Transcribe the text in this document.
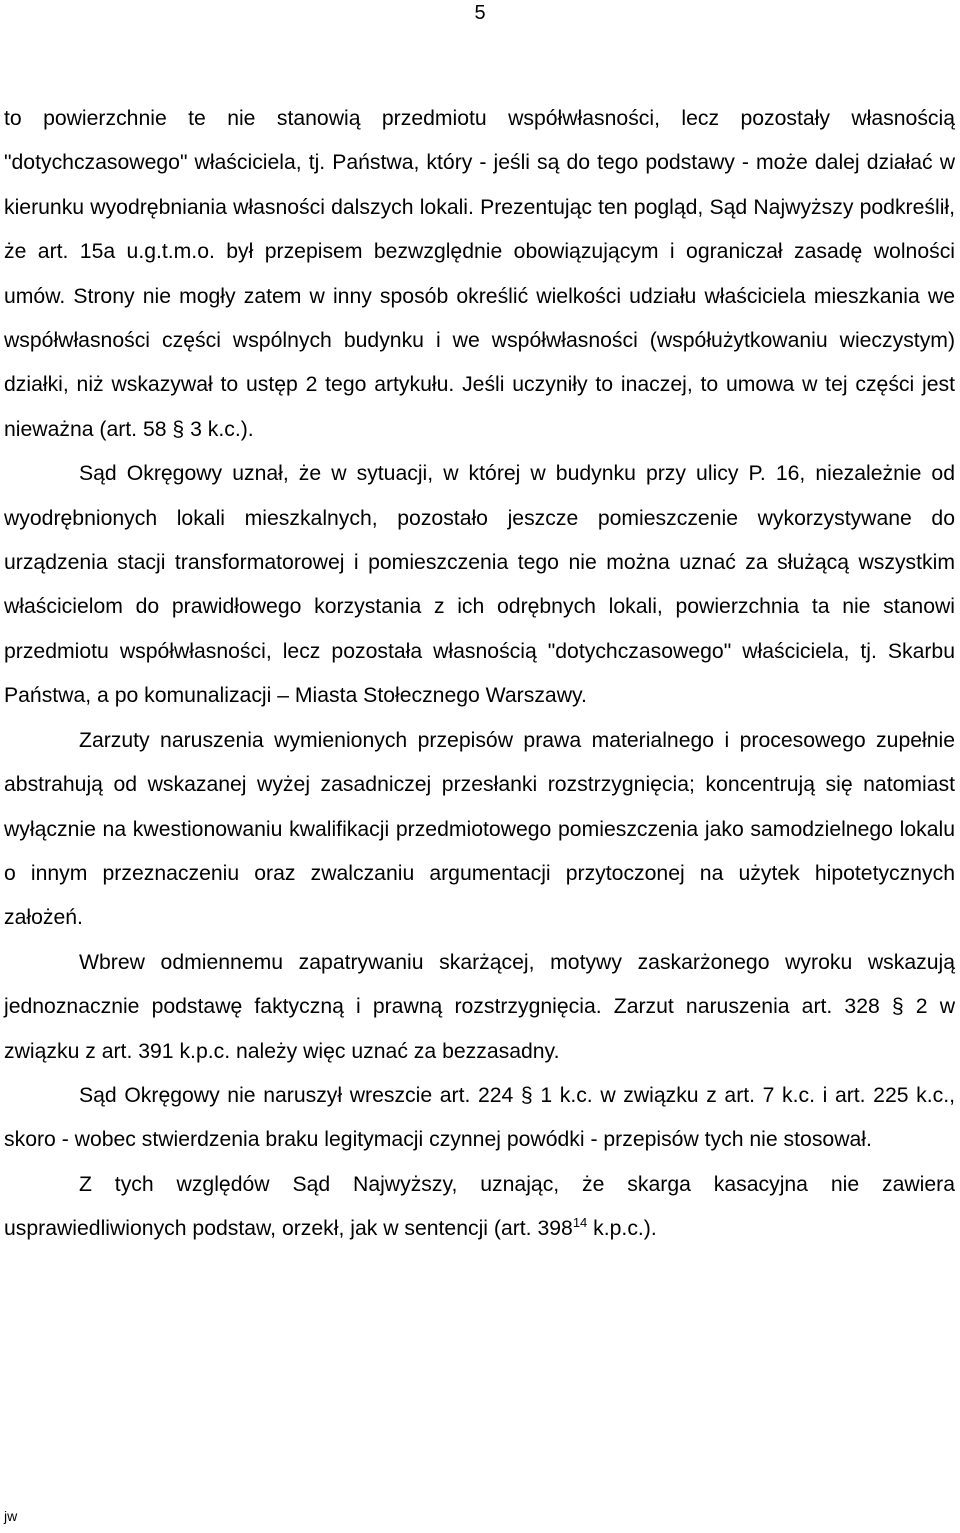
5

to powierzchnie te nie stanowią przedmiotu współwłasności, lecz pozostały własnością "dotychczasowego" właściciela, tj. Państwa, który - jeśli są do tego podstawy - może dalej działać w kierunku wyodrębniania własności dalszych lokali. Prezentując ten pogląd, Sąd Najwyższy podkreślił, że art. 15a u.g.t.m.o. był przepisem bezwzględnie obowiązującym i ograniczał zasadę wolności umów. Strony nie mogły zatem w inny sposób określić wielkości udziału właściciela mieszkania we współwłasności części wspólnych budynku i we współwłasności (współużytkowaniu wieczystym) działki, niż wskazywał to ustęp 2 tego artykułu. Jeśli uczyniły to inaczej, to umowa w tej części jest nieważna (art. 58 § 3 k.c.).

Sąd Okręgowy uznał, że w sytuacji, w której w budynku przy ulicy P. 16, niezależnie od wyodrębnionych lokali mieszkalnych, pozostało jeszcze pomieszczenie wykorzystywane do urządzenia stacji transformatorowej i pomieszczenia tego nie można uznać za służącą wszystkim właścicielom do prawidłowego korzystania z ich odrębnych lokali, powierzchnia ta nie stanowi przedmiotu współwłasności, lecz pozostała własnością "dotychczasowego" właściciela, tj. Skarbu Państwa, a po komunalizacji – Miasta Stołecznego Warszawy.

Zarzuty naruszenia wymienionych przepisów prawa materialnego i procesowego zupełnie abstrahują od wskazanej wyżej zasadniczej przesłanki rozstrzygnięcia; koncentrują się natomiast wyłącznie na kwestionowaniu kwalifikacji przedmiotowego pomieszczenia jako samodzielnego lokalu o innym przeznaczeniu oraz zwalczaniu argumentacji przytoczonej na użytek hipotetycznych założeń.

Wbrew odmiennemu zapatrywaniu skarżącej, motywy zaskarżonego wyroku wskazują jednoznacznie podstawę faktyczną i prawną rozstrzygnięcia. Zarzut naruszenia art. 328 § 2 w związku z art. 391 k.p.c. należy więc uznać za bezzasadny.

Sąd Okręgowy nie naruszył wreszcie art. 224 § 1 k.c. w związku z art. 7 k.c. i art. 225 k.c., skoro - wobec stwierdzenia braku legitymacji czynnej powódki - przepisów tych nie stosował.

Z tych względów Sąd Najwyższy, uznając, że skarga kasacyjna nie zawiera usprawiedliwionych podstaw, orzekł, jak w sentencji (art. $398^{14}$ k.p.c.).

jw
